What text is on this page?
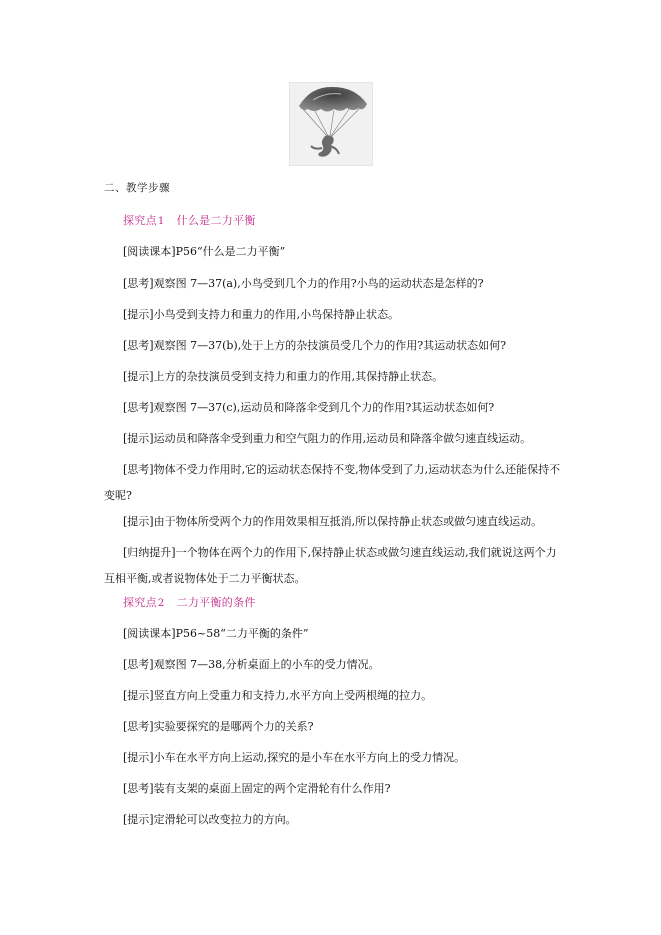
二、教学步骤
探究点1 什么是二力平衡
[阅读课本]P56“什么是二力平衡”
[思考]观察图 7—37(a),小鸟受到几个力的作用?小鸟的运动状态是怎样的?
[提示]小鸟受到支持力和重力的作用,小鸟保持静止状态。
[思考]观察图 7—37(b),处于上方的杂技演员受几个力的作用?其运动状态如何?
[提示]上方的杂技演员受到支持力和重力的作用,其保持静止状态。
[思考]观察图 7—37(c),运动员和降落伞受到几个力的作用?其运动状态如何?
[提示]运动员和降落伞受到重力和空气阻力的作用,运动员和降落伞做匀速直线运动。
[思考]物体不受力作用时,它的运动状态保持不变,物体受到了力,运动状态为什么还能保持不变呢?
[提示]由于物体所受两个力的作用效果相互抵消,所以保持静止状态或做匀速直线运动。
[归纳提升]一个物体在两个力的作用下,保持静止状态或做匀速直线运动,我们就说这两个力互相平衡,或者说物体处于二力平衡状态。
探究点2 二力平衡的条件
[阅读课本]P56~58“二力平衡的条件”
[思考]观察图 7—38,分析桌面上的小车的受力情况。
[提示]竖直方向上受重力和支持力,水平方向上受两根绳的拉力。
[思考]实验要探究的是哪两个力的关系?
[提示]小车在水平方向上运动,探究的是小车在水平方向上的受力情况。
[思考]装有支架的桌面上固定的两个定滑轮有什么作用?
[提示]定滑轮可以改变拉力的方向。
